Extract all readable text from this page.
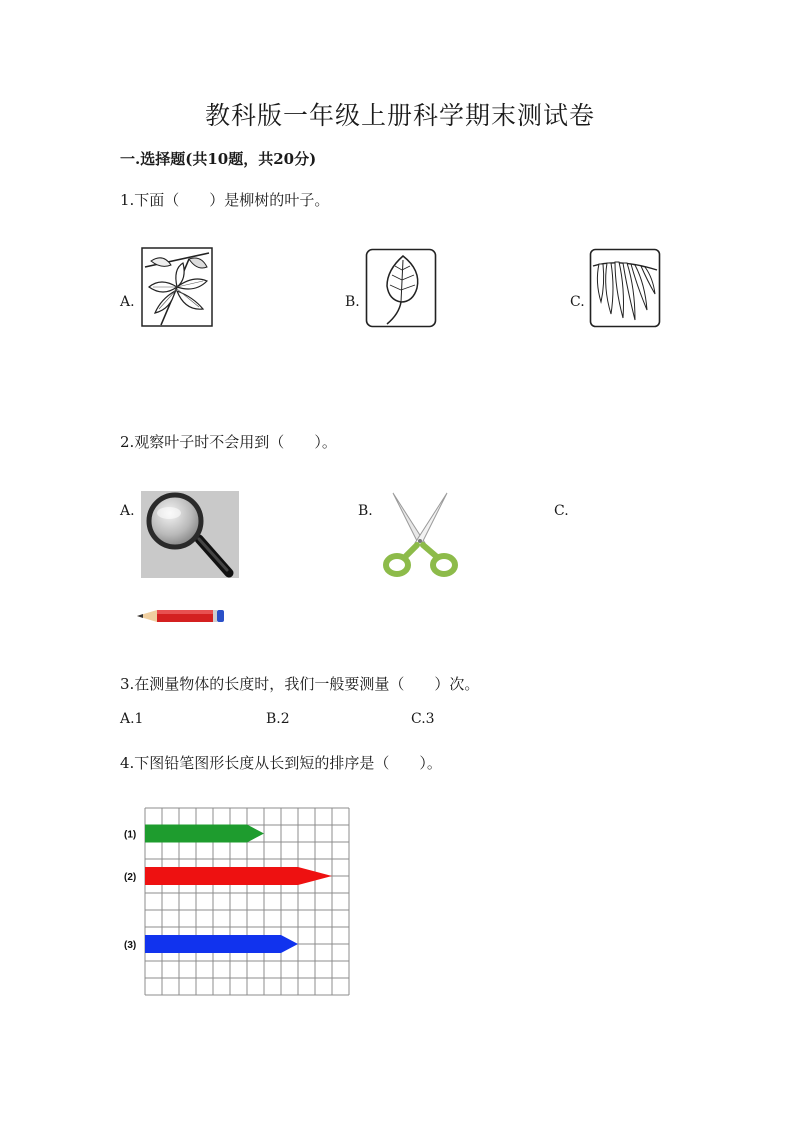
教科版一年级上册科学期末测试卷
一.选择题(共10题，共20分)
1.下面（　　）是柳树的叶子。
A.	B.	C.
2.观察叶子时不会用到（　　）。
A.	B.	C.
3.在测量物体的长度时，我们一般要测量（　　）次。
A.1	B.2	C.3
4.下图铅笔图形长度从长到短的排序是（　　）。
(1)
(2)
(3)
